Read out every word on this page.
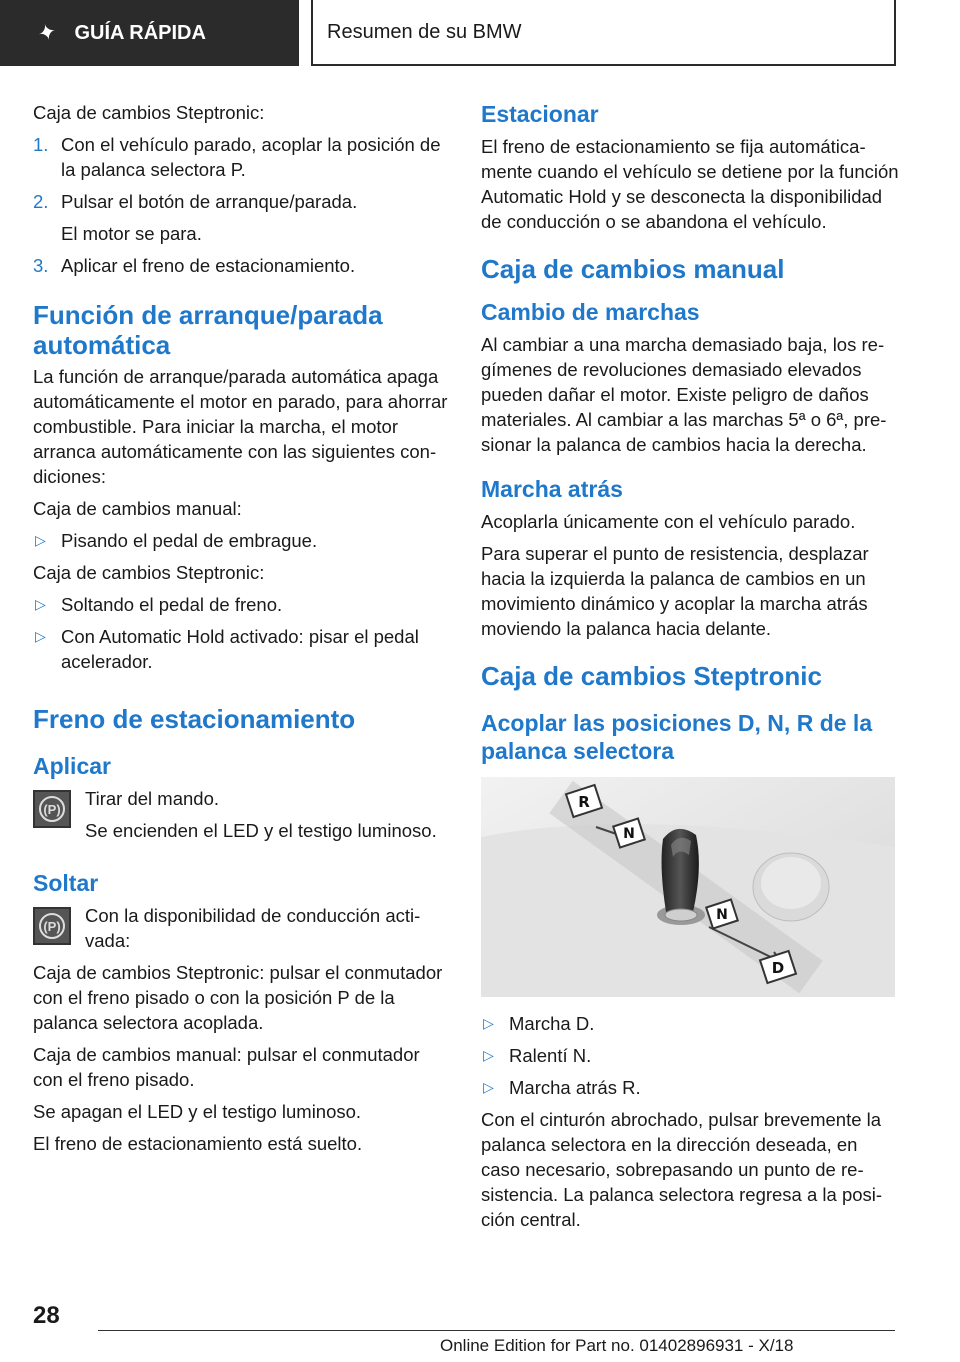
✦ GUÍA RÁPIDA	Resumen de su BMW

Caja de cambios Steptronic:

1. Con el vehículo parado, acoplar la posición de la palanca selectora P.
2. Pulsar el botón de arranque/parada.

El motor se para.

3. Aplicar el freno de estacionamiento.
Función de arranque/parada automática

La función de arranque/parada automática apaga automáticamente el motor en parado, para ahorrar combustible. Para iniciar la marcha, el motor arranca automáticamente con las siguientes condiciones:

Caja de cambios manual:

▷ Pisando el pedal de embrague.

Caja de cambios Steptronic:

▷ Soltando el pedal de freno.
▷ Con Automatic Hold activado: pisar el pedal acelerador.
Freno de estacionamiento
Aplicar
(P) Tirar del mando.

Se encienden el LED y el testigo luminoso.

Soltar
(P) Con la disponibilidad de conducción activada:

Caja de cambios Steptronic: pulsar el conmutador con el freno pisado o con la posición P de la palanca selectora acoplada.

Caja de cambios manual: pulsar el conmutador con el freno pisado.

Se apagan el LED y el testigo luminoso.

El freno de estacionamiento está suelto.

Estacionar

El freno de estacionamiento se fija automáticamente cuando el vehículo se detiene por la función Automatic Hold y se desconecta la disponibilidad de conducción o se abandona el vehículo.

Caja de cambios manual
Cambio de marchas

Al cambiar a una marcha demasiado baja, los regímenes de revoluciones demasiado elevados pueden dañar el motor. Existe peligro de daños materiales. Al cambiar a las marchas 5ª o 6ª, presionar la palanca de cambios hacia la derecha.

Marcha atrás

Acoplarla únicamente con el vehículo parado.

Para superar el punto de resistencia, desplazar hacia la izquierda la palanca de cambios en un movimiento dinámico y acoplar la marcha atrás moviendo la palanca hacia delante.

Caja de cambios Steptronic
Acoplar las posiciones D, N, R de la palanca selectora
R
N
N
D
▷ Marcha D.
▷ Ralentí N.
▷ Marcha atrás R.

Con el cinturón abrochado, pulsar brevemente la palanca selectora en la dirección deseada, en caso necesario, sobrepasando un punto de resistencia. La palanca selectora regresa a la posición central.

28
Online Edition for Part no. 01402896931 - X/18
